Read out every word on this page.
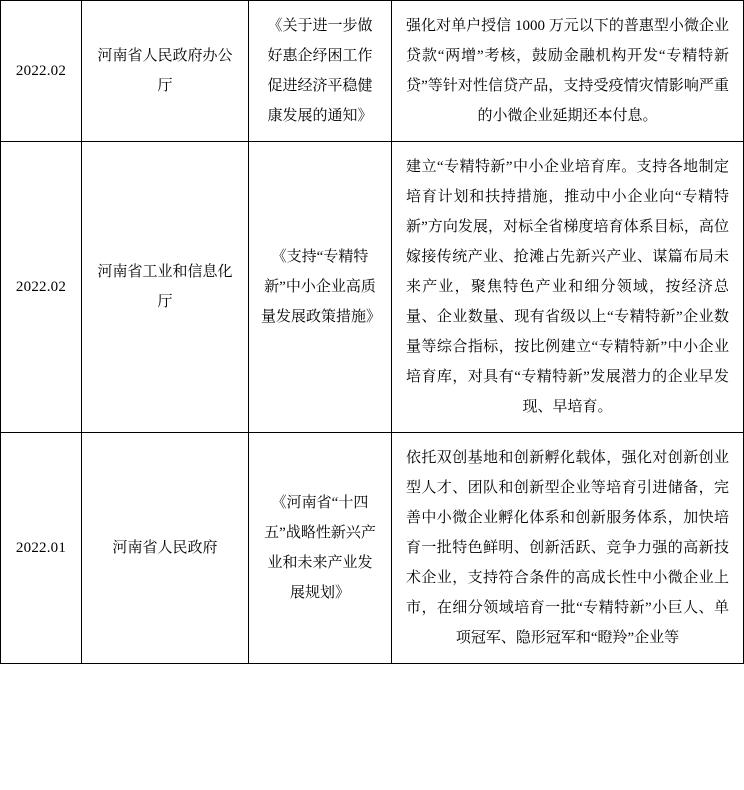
2022.02	河南省人民政府办公厅	《关于进一步做好惠企纾困工作促进经济平稳健康发展的通知》	强化对单户授信 1000 万元以下的普惠型小微企业贷款“两增”考核，鼓励金融机构开发“专精特新贷”等针对性信贷产品，支持受疫情灾情影响严重的小微企业延期还本付息。

2022.02	河南省工业和信息化厅	《支持“专精特新”中小企业高质量发展政策措施》	建立“专精特新”中小企业培育库。支持各地制定培育计划和扶持措施，推动中小企业向“专精特新”方向发展，对标全省梯度培育体系目标，高位嫁接传统产业、抢滩占先新兴产业、谋篇布局未来产业，聚焦特色产业和细分领域，按经济总量、企业数量、现有省级以上“专精特新”企业数量等综合指标，按比例建立“专精特新”中小企业培育库，对具有“专精特新”发展潜力的企业早发现、早培育。

2022.01	河南省人民政府	《河南省“十四五”战略性新兴产业和未来产业发展规划》	依托双创基地和创新孵化载体，强化对创新创业型人才、团队和创新型企业等培育引进储备，完善中小微企业孵化体系和创新服务体系，加快培育一批特色鲜明、创新活跃、竞争力强的高新技术企业，支持符合条件的高成长性中小微企业上市，在细分领域培育一批“专精特新”小巨人、单项冠军、隐形冠军和“瞪羚”企业等
